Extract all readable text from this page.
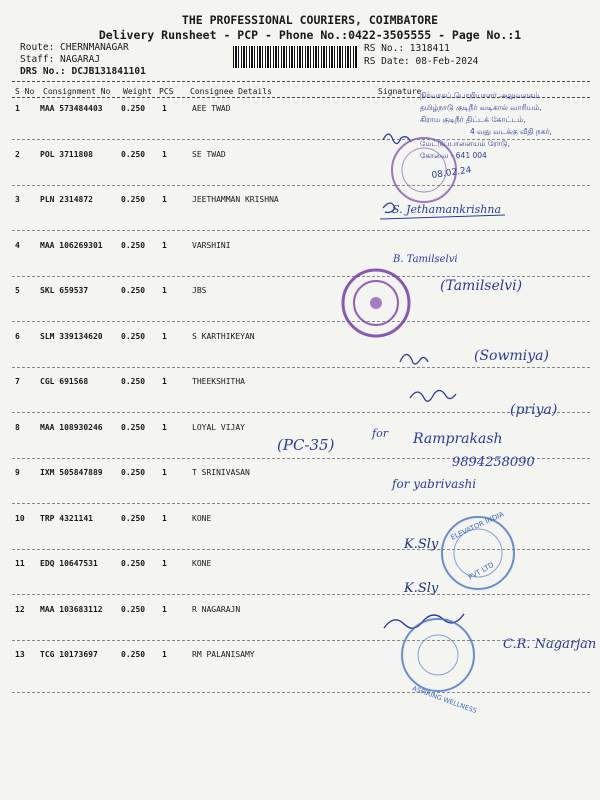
THE PROFESSIONAL COURIERS, COIMBATORE
Delivery Runsheet - PCP - Phone No.:0422-3505555 - Page No.:1
Route: CHERNMANAGAR
Staff: NAGARAJ
DRS No.: DCJB131841101
RS No.: 1318411
RS Date: 08-Feb-2024
S No Consignment No Weight PCS Consignee Details	Signature
1	MAA 573484403 0.250 1	AEE TWAD
2	POL 3711808	0.250 1	SE TWAD
3	PLN 2314872	0.250 1	JEETHAMMAN KRISHNA
4	MAA 106269301 0.250 1	VARSHINI
5	SKL 659537	0.250 1	JBS
6	SLM 339134620 0.250 1	S KARTHIKEYAN
7	CGL 691568	0.250 1	THEEKSHITHA
8	MAA 108930246 0.250 1	LOYAL VIJAY
9	IXM 505847889 0.250 1	T SRINIVASAN
10 TRP 4321141	0.250 1	KONE
11 EDQ 10647531	0.250 1	KONE
12 MAA 103683112 0.250 1	R NAGARAJN
13 TCG 10173697	0.250 1	RM PALANISAMY
நிர்வாகப் பொறியாளர் அலுவலகம்
தமிழ்நாடு குடிநீர் வடிகால் வாரியம்,
கிராம குடிநீர் திட்டக் கோட்டம்,
4 வது வடக்கு வீதி நகர்,
மேட்டுப்பாளையம் ரோடு,
கோவை - 641 004
08.02.24
S. Jethamankrishna
B. Tamilselvi
(Tamilselvi)
(Sowmiya)
(priya)
(PC-35)
for Ramprakash
9894258090
for yabrivashi
ELEVATOR INDIA
PVT LTD
K.Sly
K.Sly
C.R. Nagarjan
ASPIRING WELLNESS
